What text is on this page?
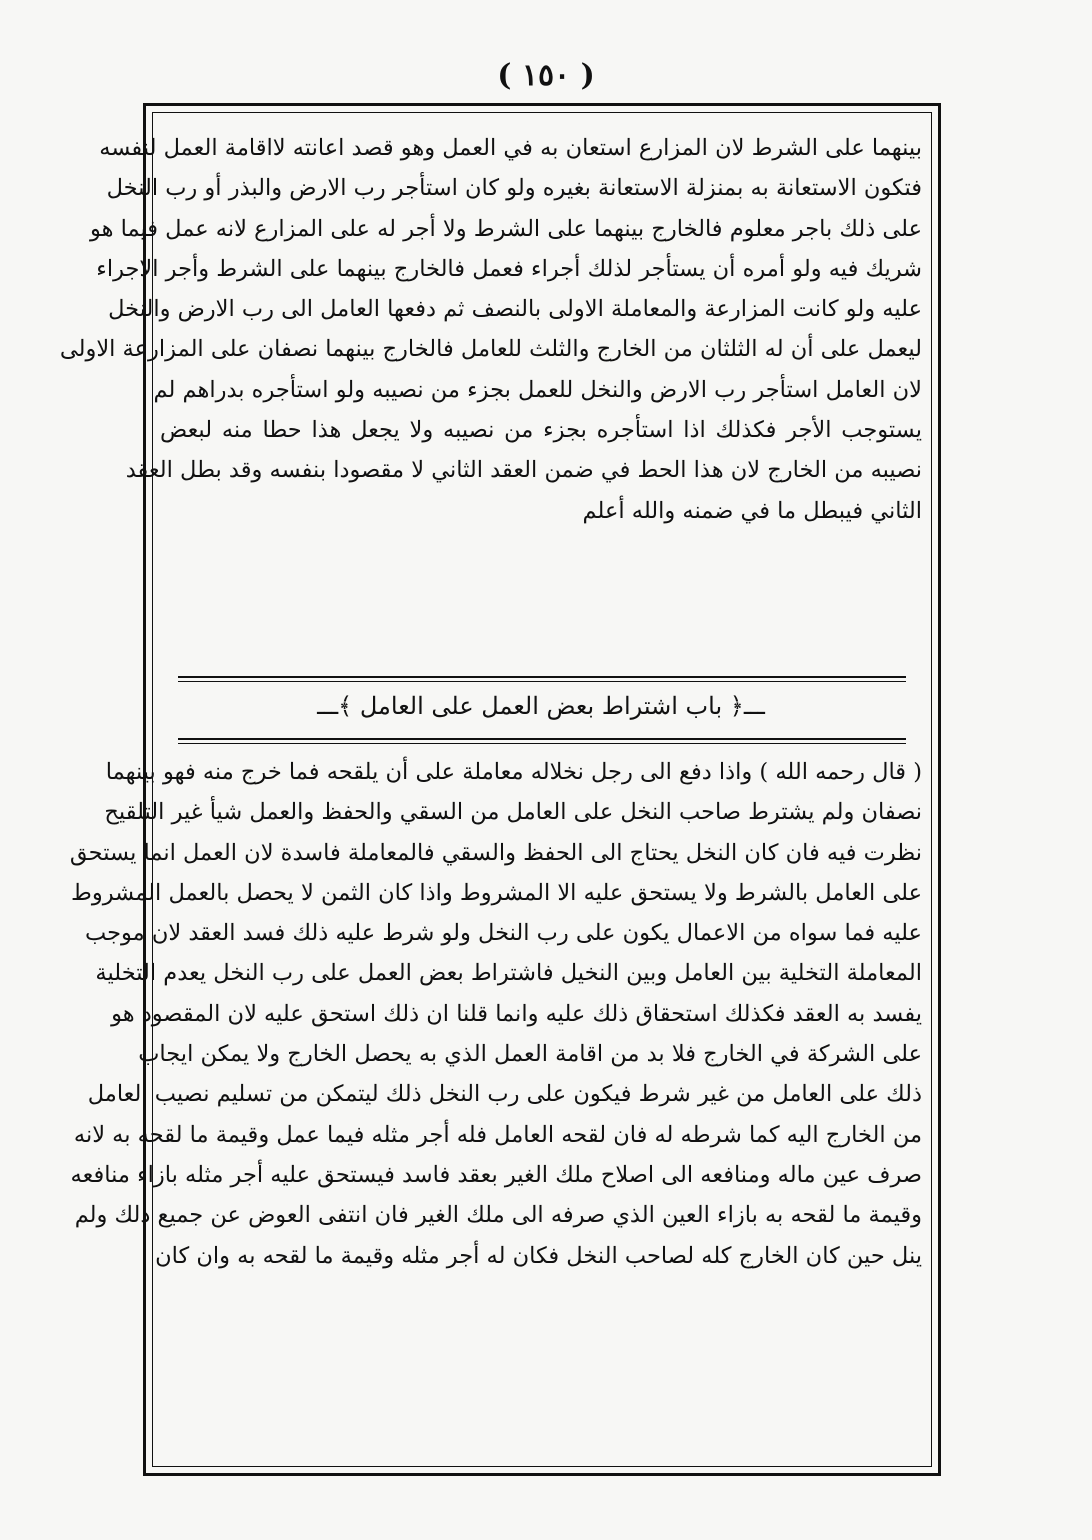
( ١٥٠ )
بينهما على الشرط لان المزارع استعان به في العمل وهو قصد اعانته لااقامة العمل لنفسه
فتكون الاستعانة به بمنزلة الاستعانة بغيره ولو كان استأجر رب الارض والبذر أو رب النخل
على ذلك باجر معلوم فالخارج بينهما على الشرط ولا أجر له على المزارع لانه عمل فيما هو
شريك فيه ولو أمره أن يستأجر لذلك أجراء فعمل فالخارج بينهما على الشرط وأجر الاجراء
عليه ولو كانت المزارعة والمعاملة الاولى بالنصف ثم دفعها العامل الى رب الارض والنخل
ليعمل على أن له الثلثان من الخارج والثلث للعامل فالخارج بينهما نصفان على المزارعة الاولى
لان العامل استأجر رب الارض والنخل للعمل بجزء من نصيبه ولو استأجره بدراهم لم
يستوجب الأجر فكذلك اذا استأجره بجزء من نصيبه ولا يجعل هذا حطا منه لبعض
نصيبه من الخارج لان هذا الحط في ضمن العقد الثاني لا مقصودا بنفسه وقد بطل العقد
الثاني فيبطل ما في ضمنه والله أعلم
ـــ﴿ باب اشتراط بعض العمل على العامل ﴾ـــ
( قال رحمه الله ) واذا دفع الى رجل نخلاله معاملة على أن يلقحه فما خرج منه فهو بينهما
نصفان ولم يشترط صاحب النخل على العامل من السقي والحفظ والعمل شيأ غير التلقيح
نظرت فيه فان كان النخل يحتاج الى الحفظ والسقي فالمعاملة فاسدة لان العمل انما يستحق
على العامل بالشرط ولا يستحق عليه الا المشروط واذا كان الثمن لا يحصل بالعمل المشروط
عليه فما سواه من الاعمال يكون على رب النخل ولو شرط عليه ذلك فسد العقد لان موجب
المعاملة التخلية بين العامل وبين النخيل فاشتراط بعض العمل على رب النخل يعدم التخلية
يفسد به العقد فكذلك استحقاق ذلك عليه وانما قلنا ان ذلك استحق عليه لان المقصود هو
على الشركة في الخارج فلا بد من اقامة العمل الذي به يحصل الخارج ولا يمكن ايجاب
ذلك على العامل من غير شرط فيكون على رب النخل ذلك ليتمكن من تسليم نصيب العامل
من الخارج اليه كما شرطه له فان لقحه العامل فله أجر مثله فيما عمل وقيمة ما لقحه به لانه
صرف عين ماله ومنافعه الى اصلاح ملك الغير بعقد فاسد فيستحق عليه أجر مثله بازاء منافعه
وقيمة ما لقحه به بازاء العين الذي صرفه الى ملك الغير فان انتفى العوض عن جميع ذلك ولم
ينل حين كان الخارج كله لصاحب النخل فكان له أجر مثله وقيمة ما لقحه به وان كان
